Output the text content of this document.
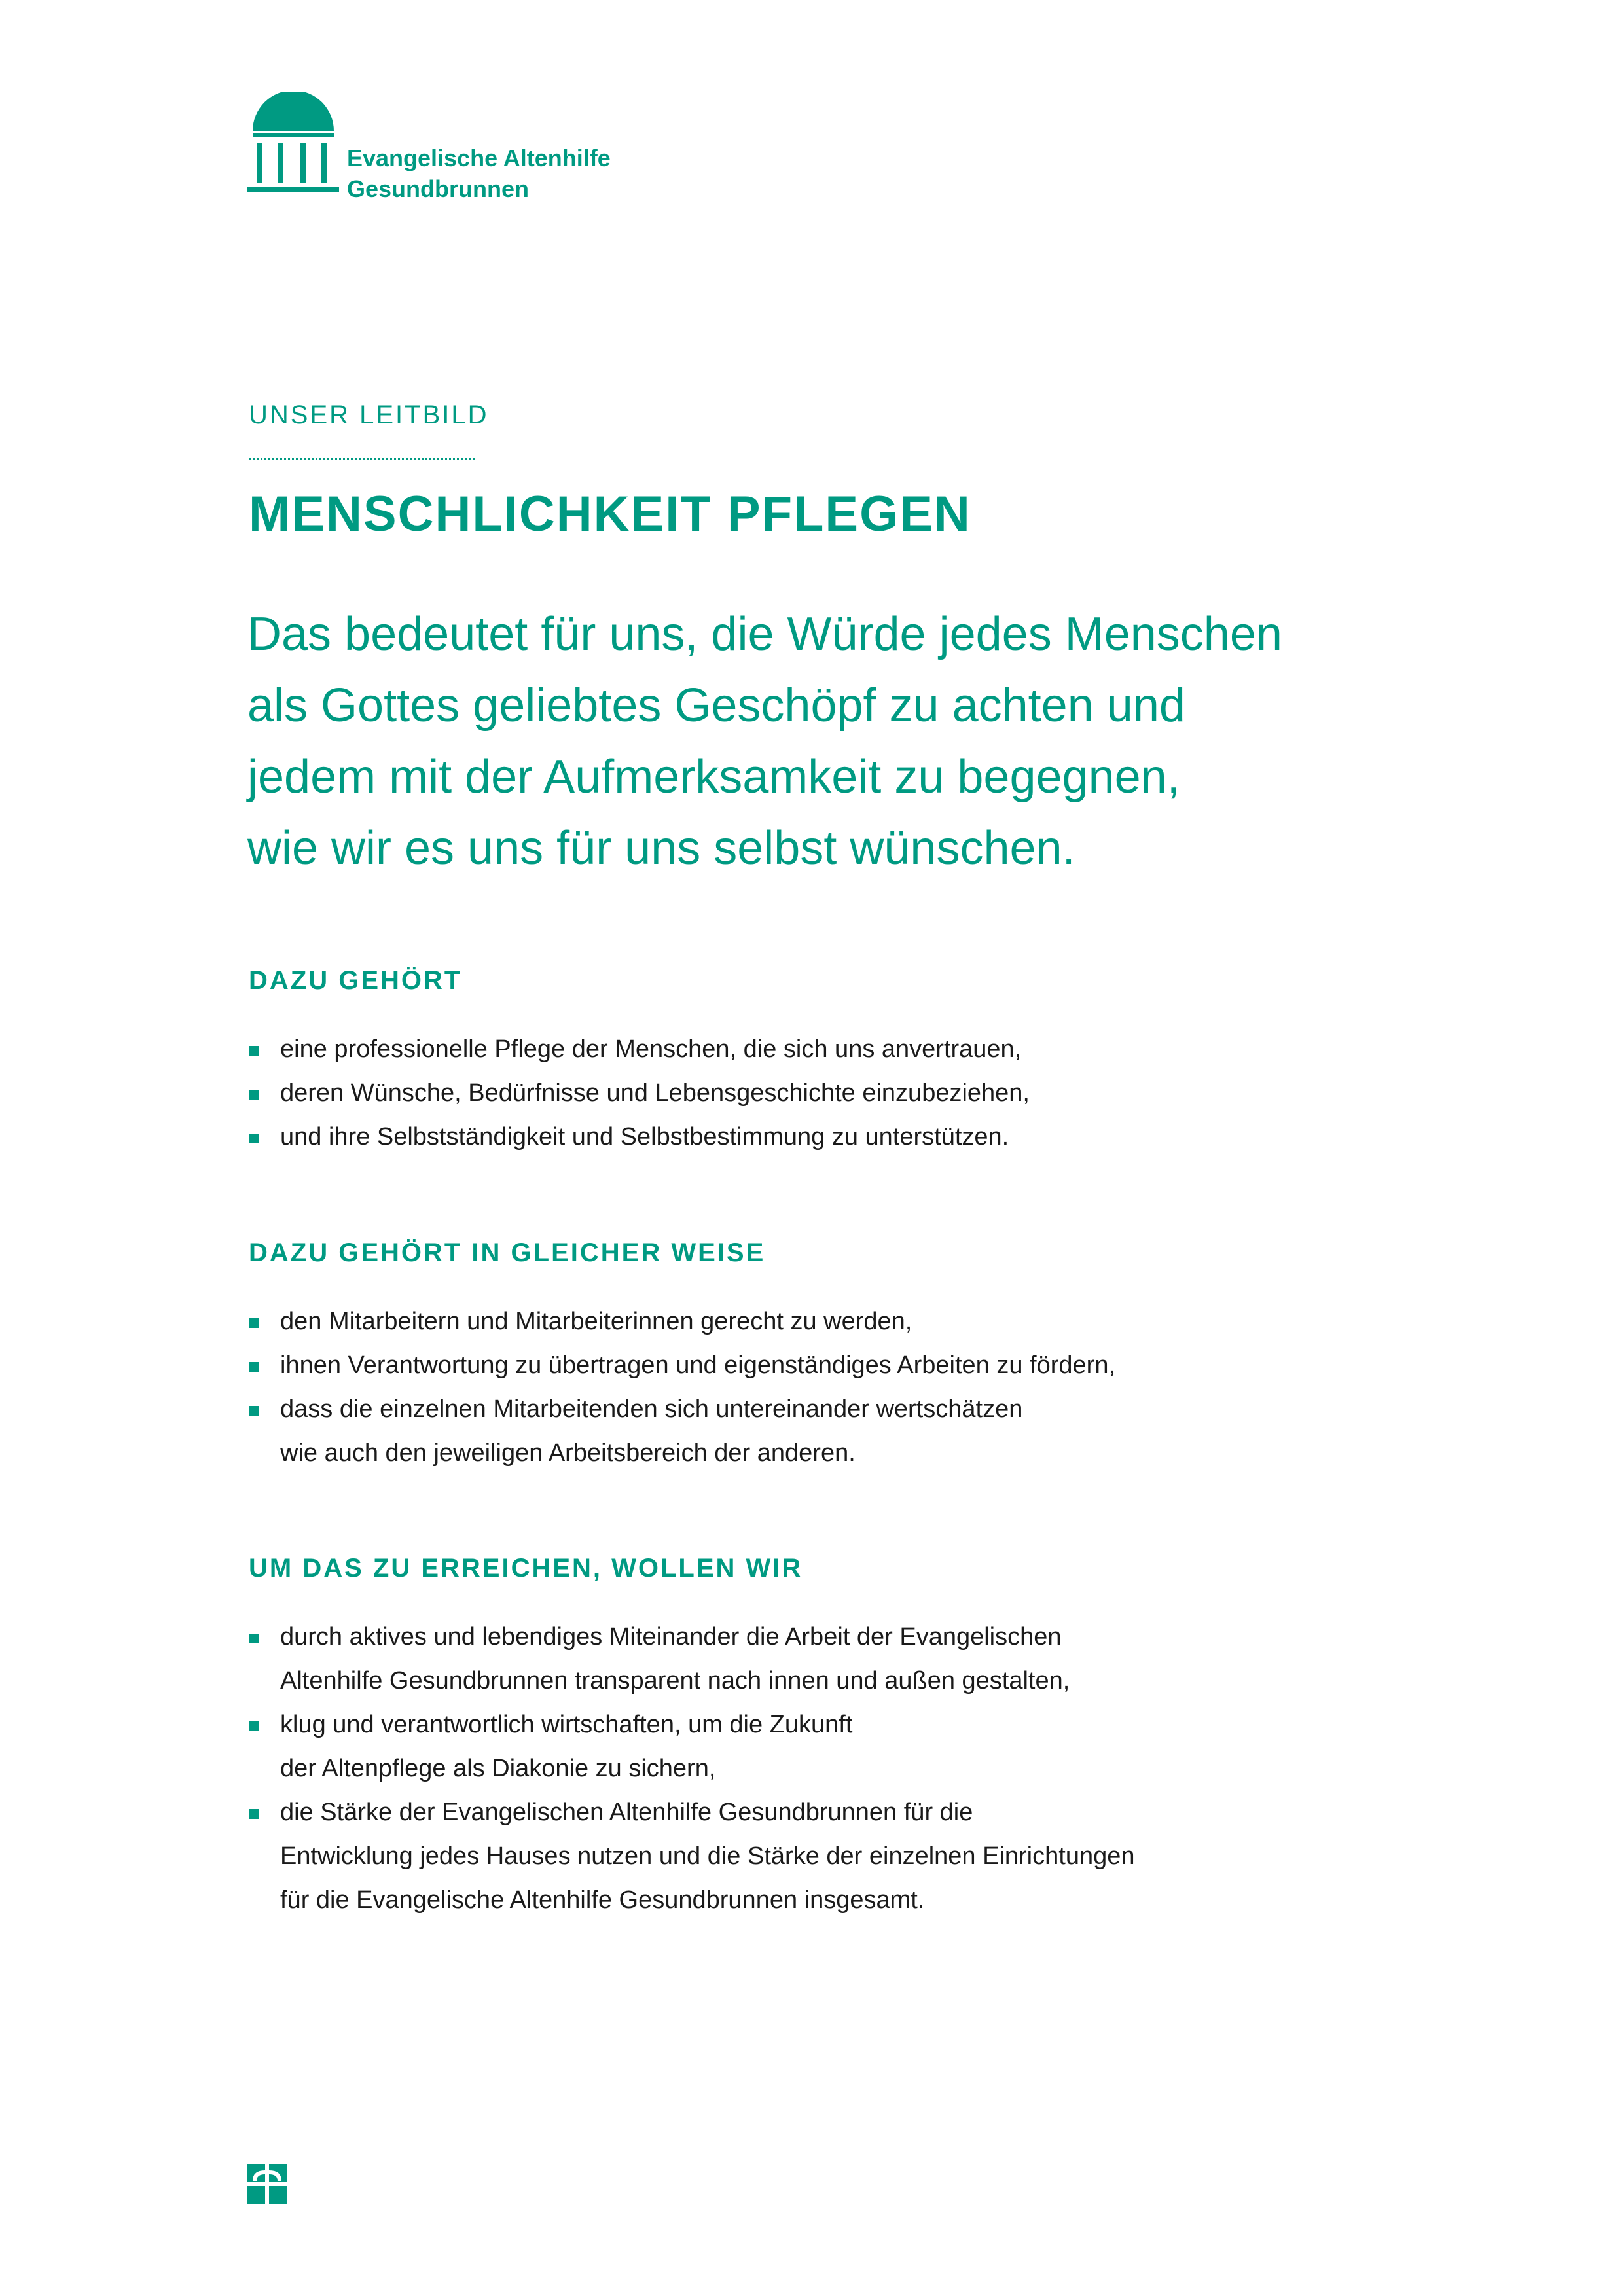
Evangelische Altenhilfe
Gesundbrunnen
UNSER LEITBILD
MENSCHLICHKEIT PFLEGEN
Das bedeutet für uns, die Würde jedes Menschen
als Gottes geliebtes Geschöpf zu achten und
jedem mit der Aufmerksamkeit zu begegnen,
wie wir es uns für uns selbst wünschen.
DAZU GEHÖRT
eine professionelle Pflege der Menschen, die sich uns anvertrauen,
deren Wünsche, Bedürfnisse und Lebensgeschichte einzubeziehen,
und ihre Selbstständigkeit und Selbstbestimmung zu unterstützen.
DAZU GEHÖRT IN GLEICHER WEISE
den Mitarbeitern und Mitarbeiterinnen gerecht zu werden,
ihnen Verantwortung zu übertragen und eigenständiges Arbeiten zu fördern,
dass die einzelnen Mitarbeitenden sich untereinander wertschätzen
wie auch den jeweiligen Arbeitsbereich der anderen.
UM DAS ZU ERREICHEN, WOLLEN WIR
durch aktives und lebendiges Miteinander die Arbeit der Evangelischen
Altenhilfe Gesundbrunnen transparent nach innen und außen gestalten,
klug und verantwortlich wirtschaften, um die Zukunft
der Altenpflege als Diakonie zu sichern,
die Stärke der Evangelischen Altenhilfe Gesundbrunnen für die
Entwicklung jedes Hauses nutzen und die Stärke der einzelnen Einrichtungen
für die Evangelische Altenhilfe Gesundbrunnen insgesamt.
